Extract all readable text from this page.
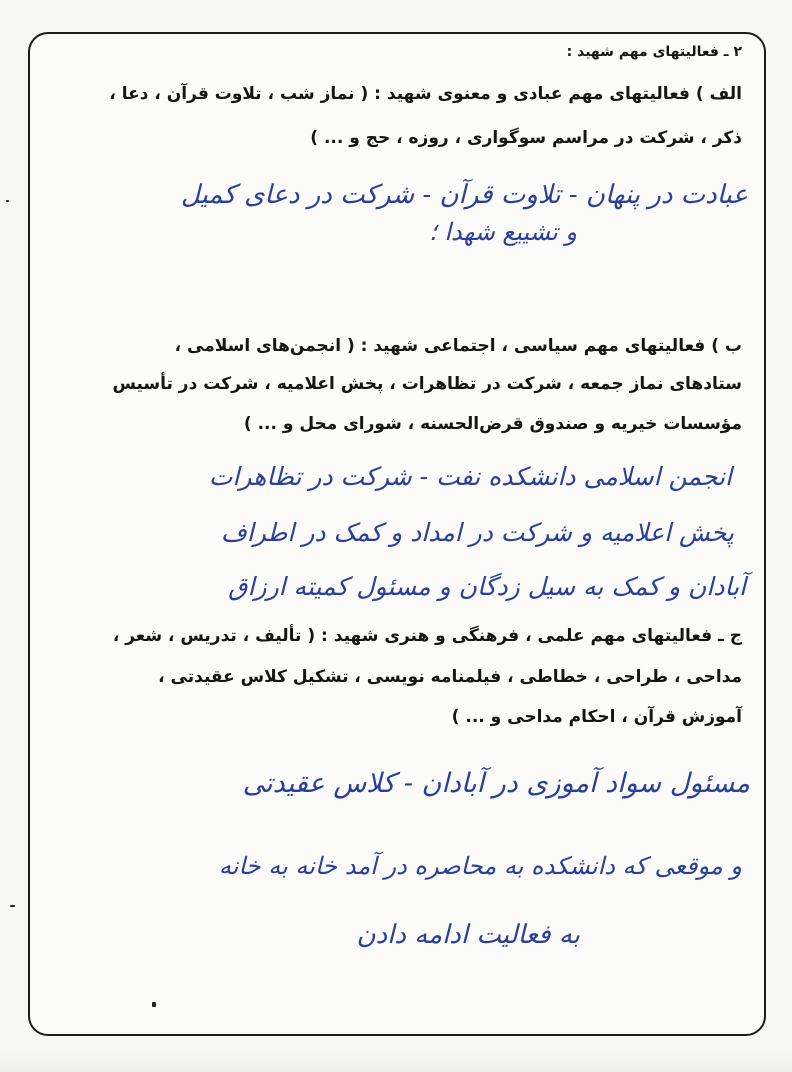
۲ ـ فعالیتهای مهم شهید :
الف ) فعالیتهای مهم عبادی و معنوی شهید : ( نماز شب ، تلاوت قرآن ، دعا ،
ذکر ، شرکت در مراسم سوگواری ، روزه ، حج و ... )
عبادت در پنهان - تلاوت قرآن - شرکت در دعای کمیل
و تشییع شهدا ؛
ب ) فعالیتهای مهم سیاسی ، اجتماعی شهید : ( انجمن‌های اسلامی ،
ستادهای نماز جمعه ، شرکت در تظاهرات ، پخش اعلامیه ، شرکت در تأسیس
مؤسسات خیریه و صندوق قرض‌الحسنه ، شورای محل و ... )
انجمن اسلامی دانشکده نفت - شرکت در تظاهرات
پخش اعلامیه و شرکت در امداد و کمک در اطراف
آبادان و کمک به سیل زدگان و مسئول کمیته ارزاق
ج ـ فعالیتهای مهم علمی ، فرهنگی و هنری شهید : ( تألیف ، تدریس ، شعر ،
مداحی ، طراحی ، خطاطی ، فیلمنامه نویسی ، تشکیل کلاس عقیدتی ،
آموزش قرآن ، احکام مداحی و ... )
مسئول سواد آموزی در آبادان - کلاس عقیدتی
و موقعی که دانشکده به محاصره در آمد خانه به خانه
به فعالیت ادامه دادن
